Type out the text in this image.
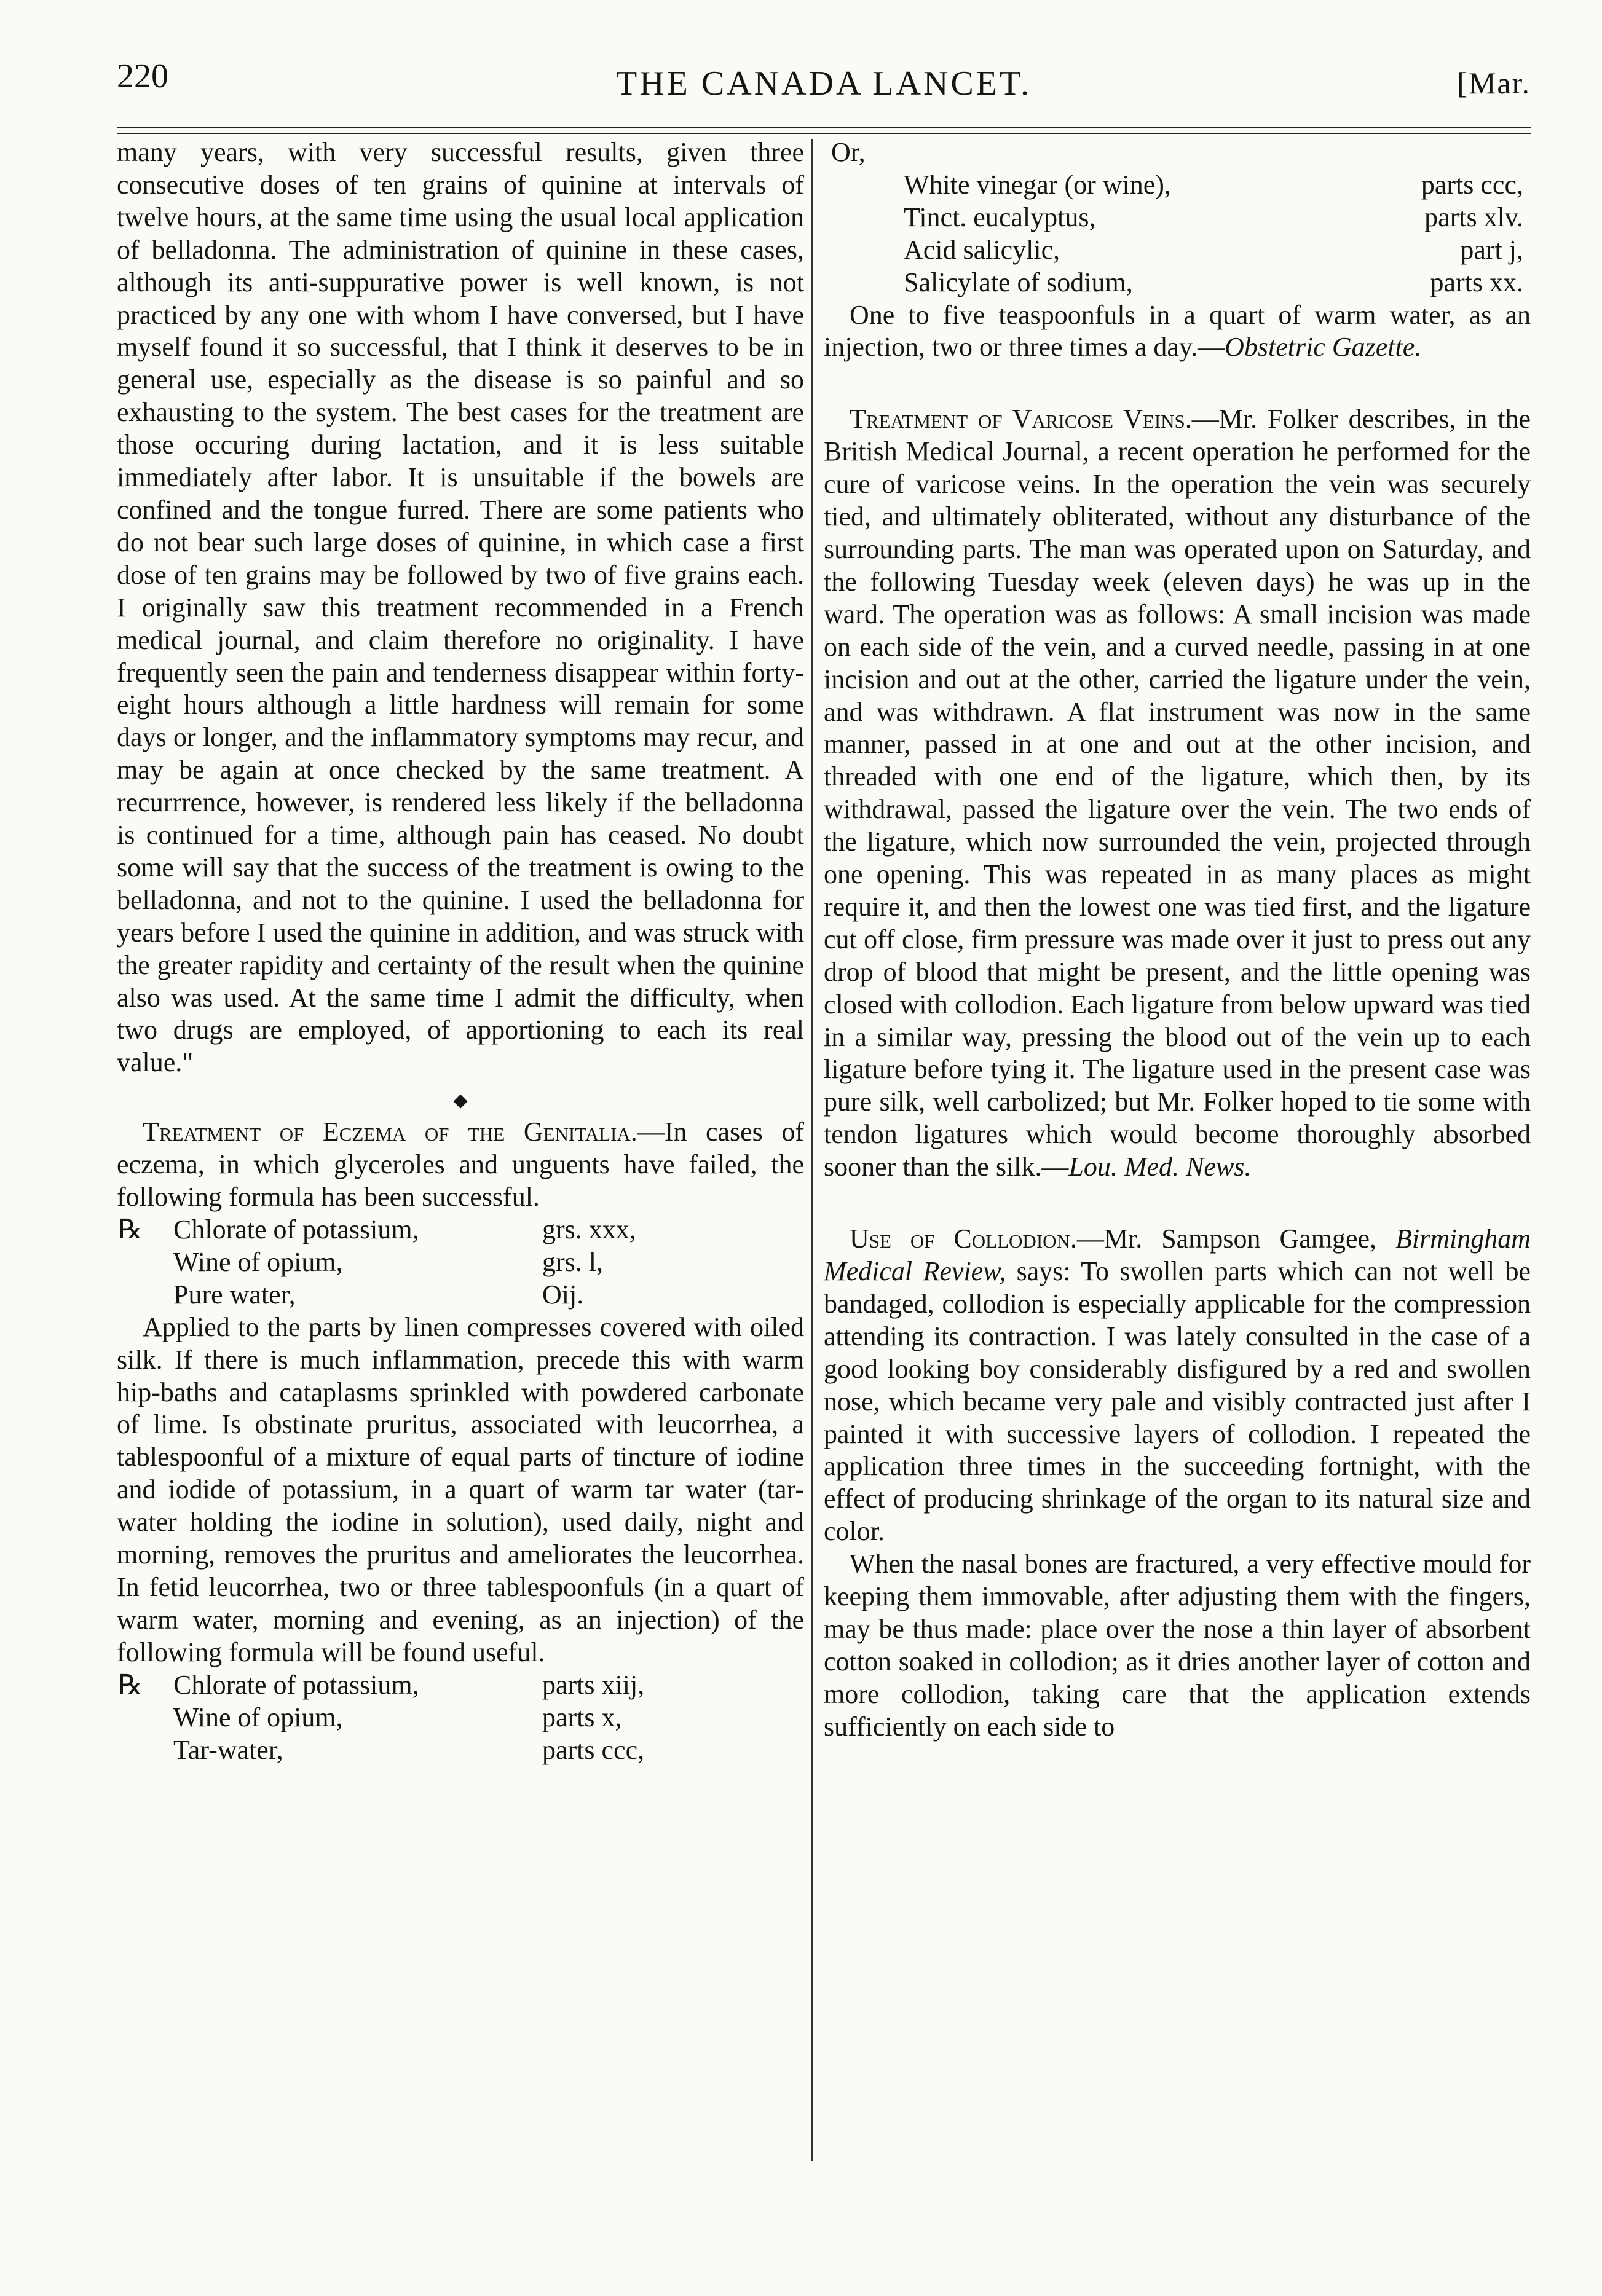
220	THE CANADA LANCET.	[Mar.

many years, with very successful results, given three consecutive doses of ten grains of quinine at intervals of twelve hours, at the same time using the usual local application of belladonna. The administration of quinine in these cases, although its anti-suppurative power is well known, is not practiced by any one with whom I have conversed, but I have myself found it so successful, that I think it deserves to be in general use, especially as the disease is so painful and so exhausting to the system. The best cases for the treatment are those occuring during lactation, and it is less suitable immediately after labor. It is unsuitable if the bowels are confined and the tongue furred. There are some patients who do not bear such large doses of quinine, in which case a first dose of ten grains may be followed by two of five grains each. I originally saw this treatment recommended in a French medical journal, and claim therefore no originality. I have frequently seen the pain and tenderness disappear within forty-eight hours although a little hardness will remain for some days or longer, and the inflammatory symptoms may recur, and may be again at once checked by the same treatment. A recurrrence, however, is rendered less likely if the belladonna is continued for a time, although pain has ceased. No doubt some will say that the success of the treatment is owing to the belladonna, and not to the quinine. I used the belladonna for years before I used the quinine in addition, and was struck with the greater rapidity and certainty of the result when the quinine also was used. At the same time I admit the difficulty, when two drugs are employed, of apportioning to each its real value."

◆

Treatment of Eczema of the Genitalia.—In cases of eczema, in which glyceroles and unguents have failed, the following formula has been successful.

℞	Chlorate of potassium,	grs. xxx,
Wine of opium,	grs. l,
Pure water,	Oij.

Applied to the parts by linen compresses covered with oiled silk. If there is much inflammation, precede this with warm hip-baths and cataplasms sprinkled with powdered carbonate of lime. Is obstinate pruritus, associated with leucorrhea, a tablespoonful of a mixture of equal parts of tincture of iodine and iodide of potassium, in a quart of warm tar water (tar-water holding the iodine in solution), used daily, night and morning, removes the pruritus and ameliorates the leucorrhea. In fetid leucorrhea, two or three tablespoonfuls (in a quart of warm water, morning and evening, as an injection) of the following formula will be found useful.

℞	Chlorate of potassium,	parts xiij,
Wine of opium,	parts x,
Tar-water,	parts ccc,

Or,

White vinegar (or wine),	parts ccc,
Tinct. eucalyptus,	parts xlv.
Acid salicylic,	part j,
Salicylate of sodium,	parts xx.

One to five teaspoonfuls in a quart of warm water, as an injection, two or three times a day.—Obstetric Gazette.

Treatment of Varicose Veins.—Mr. Folker describes, in the British Medical Journal, a recent operation he performed for the cure of varicose veins. In the operation the vein was securely tied, and ultimately obliterated, without any disturbance of the surrounding parts. The man was operated upon on Saturday, and the following Tuesday week (eleven days) he was up in the ward. The operation was as follows: A small incision was made on each side of the vein, and a curved needle, passing in at one incision and out at the other, carried the ligature under the vein, and was withdrawn. A flat instrument was now in the same manner, passed in at one and out at the other incision, and threaded with one end of the ligature, which then, by its withdrawal, passed the ligature over the vein. The two ends of the ligature, which now surrounded the vein, projected through one opening. This was repeated in as many places as might require it, and then the lowest one was tied first, and the ligature cut off close, firm pressure was made over it just to press out any drop of blood that might be present, and the little opening was closed with collodion. Each ligature from below upward was tied in a similar way, pressing the blood out of the vein up to each ligature before tying it. The ligature used in the present case was pure silk, well carbolized; but Mr. Folker hoped to tie some with tendon ligatures which would become thoroughly absorbed sooner than the silk.—Lou. Med. News.

Use of Collodion.—Mr. Sampson Gamgee, Birmingham Medical Review, says: To swollen parts which can not well be bandaged, collodion is especially applicable for the compression attending its contraction. I was lately consulted in the case of a good looking boy considerably disfigured by a red and swollen nose, which became very pale and visibly contracted just after I painted it with successive layers of collodion. I repeated the application three times in the succeeding fortnight, with the effect of producing shrinkage of the organ to its natural size and color.

When the nasal bones are fractured, a very effective mould for keeping them immovable, after adjusting them with the fingers, may be thus made: place over the nose a thin layer of absorbent cotton soaked in collodion; as it dries another layer of cotton and more collodion, taking care that the application extends sufficiently on each side to
